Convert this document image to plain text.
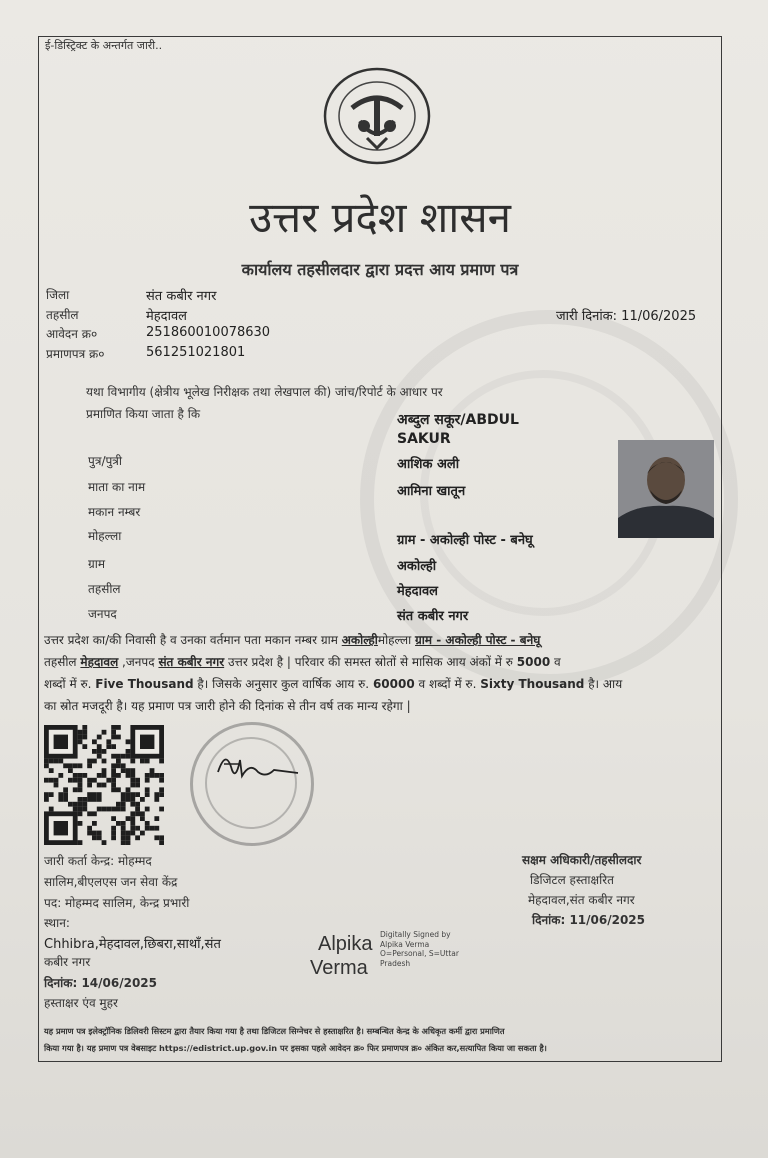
ई-डिस्ट्रिक्ट के अन्तर्गत जारी..
उत्तर प्रदेश शासन
कार्यालय तहसीलदार द्वारा प्रदत्त आय प्रमाण पत्र
जिला	संत कबीर नगर
तहसील	मेहदावल
आवेदन क्र०	251860010078630
प्रमाणपत्र क्र०	561251021801
जारी दिनांक: 11/06/2025
यथा विभागीय (क्षेत्रीय भूलेख निरीक्षक तथा लेखपाल की) जांच/रिपोर्ट के आधार पर
प्रमाणित किया जाता है कि	अब्दुल सकूर/ABDUL
SAKUR
पुत्र/पुत्री	आशिक अली
माता का नाम	आमिना खातून
मकान नम्बर
मोहल्ला	ग्राम - अकोल्ही पोस्ट - बनेघू
ग्राम	अकोल्ही
तहसील	मेहदावल
जनपद	संत कबीर नगर
उत्तर प्रदेश का/की निवासी है व उनका वर्तमान पता मकान नम्बर ग्राम अकोल्हीमोहल्ला ग्राम - अकोल्ही पोस्ट - बनेघू
तहसील मेहदावल ,जनपद संत कबीर नगर उत्तर प्रदेश है | परिवार की समस्त स्रोतों से मासिक आय अंकों में रु 5000 व
शब्दों में रु. Five Thousand है। जिसके अनुसार कुल वार्षिक आय रु. 60000 व शब्दों में रु. Sixty Thousand है। आय
का स्रोत मजदूरी है। यह प्रमाण पत्र जारी होने की दिनांक से तीन वर्ष तक मान्य रहेगा |
जारी कर्ता केन्द्र: मोहम्मद
सालिम,बीएलएस जन सेवा केंद्र
पद: मोहम्मद सालिम, केन्द्र प्रभारी
स्थान:
Chhibra,मेहदावल,छिबरा,साथाँ,संत
कबीर नगर
दिनांक: 14/06/2025
हस्ताक्षर एंव मुहर
Alpika
Verma
Digitally Signed by
Alpika Verma
O=Personal, S=Uttar
Pradesh
सक्षम अधिकारी/तहसीलदार
डिजिटल हस्ताक्षरित
मेहदावल,संत कबीर नगर
दिनांक: 11/06/2025
यह प्रमाण पत्र इलेक्ट्रॉनिक डिलिवरी सिस्टम द्वारा तैयार किया गया है तथा डिजिटल सिग्नेचर से हस्ताक्षरित है। सम्बन्धित केन्द्र के अधिकृत कर्मी द्वारा प्रमाणित
किया गया है। यह प्रमाण पत्र वेबसाइट https://edistrict.up.gov.in पर इसका पहले आवेदन क्र० फिर प्रमाणपत्र क्र० अंकित कर,सत्यापित किया जा सकता है।
